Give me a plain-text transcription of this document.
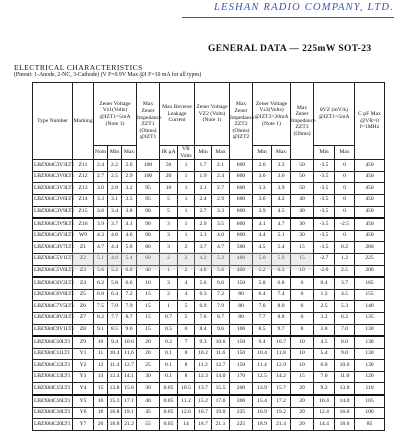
LESHAN RADIO COMPANY, LTD.
GENERAL DATA — 225mW SOT-23
ELECTRICAL CHARACTERISTICS
(Pinout: 1-Anode, 2-NC, 3-Cathode) (V F=0.9V Max @I F=10 mA for all types)
Type Number	Marking	Zener Voltage Vz1(Volts) @IZT1=5mA (Note 1)			Max Zener Impedance ZZT1 (Ohms) @IZT1	Max Reverse Leakage Current		Zener Voltage VZ2 (Volts) (Note 1)		Max Zener Impedance ZZT2 (Ohms) @IZT2	Zener Voltage Vz3(Volts) @IZT3=20mA (Note 1)		Max Zener Impedance ZZT3 (Ohms)	θVZ (mV/k) @IZT1=5mA		C pF Max @VR=0 f=1MHz
		Nom	Min	Max		IR µA	VR Volts	Min	Max		Min	Max		Min	Max	
LBZX84C3V3LT1	Z11	2.4	2.2	2.6	100	50	1	1.7	2.1	600	2.6	3.2	50	-3.5	0	450
LBZX84C3V0LT1	Z12	2.7	2.5	2.9	100	20	1	1.9	2.4	600	3.0	3.6	50	-3.5	0	450
LBZX84C3V3LT1	Z13	3.0	2.8	3.2	95	10	1	2.1	2.7	600	3.3	3.9	50	-3.5	0	450
LBZX84C3V6LT1	Z14	3.3	3.1	3.5	95	5	1	2.4	2.9	600	3.6	4.2	40	-3.5	0	450
LBZX84C3V9LT1	Z15	3.6	3.4	3.8	90	5	1	2.7	3.3	600	3.9	4.5	40	-3.5	0	450
LBZX84C3V9LT1	Z16	3.9	3.7	4.1	90	3	1	2.9	3.5	600	4.1	4.7	30	-3.5	-2.5	450
LBZX84C4V3LT1	W9	4.3	4.0	4.6	90	3	1	3.3	4.0	600	4.4	5.1	30	-3.5	0	450
LBZX84C4V7LT1	Z1	4.7	4.4	5.0	80	3	2	3.7	4.7	500	4.5	5.4	15	-3.5	0.2	260
LBZX84C5V1LT1	Z2	5.1	4.8	5.4	60	2	2	4.2	5.3	480	5.0	5.9	15	-2.7	1.2	225
LBZX84C5V6LT1	Z3	5.6	5.2	6.0	40	1	2	4.8	5.8	400	5.2	6.3	10	-2.0	2.5	200
LBZX84C6V2LT1	Z4	6.2	5.8	6.6	10	3	4	5.6	6.6	150	5.8	6.8	6	0.4	3.7	185
LBZX84C6V8LT1	Z5	6.8	6.4	7.2	15	2	4	6.3	7.2	80	6.4	7.4	6	1.2	4.5	155
LBZX84C7V5LT1	Z6	7.5	7.0	7.9	15	1	5	6.9	7.9	80	7.0	8.0	6	2.5	5.3	140
LBZX84C8V2LT1	Z7	8.2	7.7	8.7	15	0.7	5	7.6	8.7	80	7.7	8.8	6	3.2	6.2	135
LBZX84C9V1LT1	Z8	9.1	8.5	9.6	15	0.5	6	8.4	9.6	100	8.5	9.7	8	3.8	7.0	130
LBZX84C10LT1	Z9	10	9.4	10.6	20	0.2	7	9.3	10.6	150	9.4	10.7	10	4.5	8.0	130
LBZX84C11LT1	Y1	11	10.4	11.6	20	0.1	8	10.2	11.6	150	10.4	11.8	10	5.4	9.0	130
LBZX84C12LT1	Y2	12	11.4	12.7	25	0.1	8	11.2	12.7	150	11.4	12.9	10	6.0	10.0	130
LBZX84C13LT1	Y3	13	12.4	14.1	30	0.1	8	12.3	14.0	170	12.5	14.2	15	7.0	11.0	120
LBZX84C15LT1	Y4	15	13.8	15.6	30	0.05	10.5	13.7	15.5	200	13.9	15.7	20	9.2	13.0	110
LBZX84C16LT1	Y5	16	15.3	17.1	40	0.05	11.2	15.2	17.0	200	15.4	17.2	20	10.4	14.0	105
LBZX84C18LT1	Y6	18	16.8	19.1	45	0.05	12.6	16.7	19.0	225	16.9	19.2	20	12.4	16.0	100
LBZX84C20LT1	Y7	20	18.8	21.2	55	0.05	14	18.7	21.1	225	18.9	21.4	20	14.4	18.0	85
